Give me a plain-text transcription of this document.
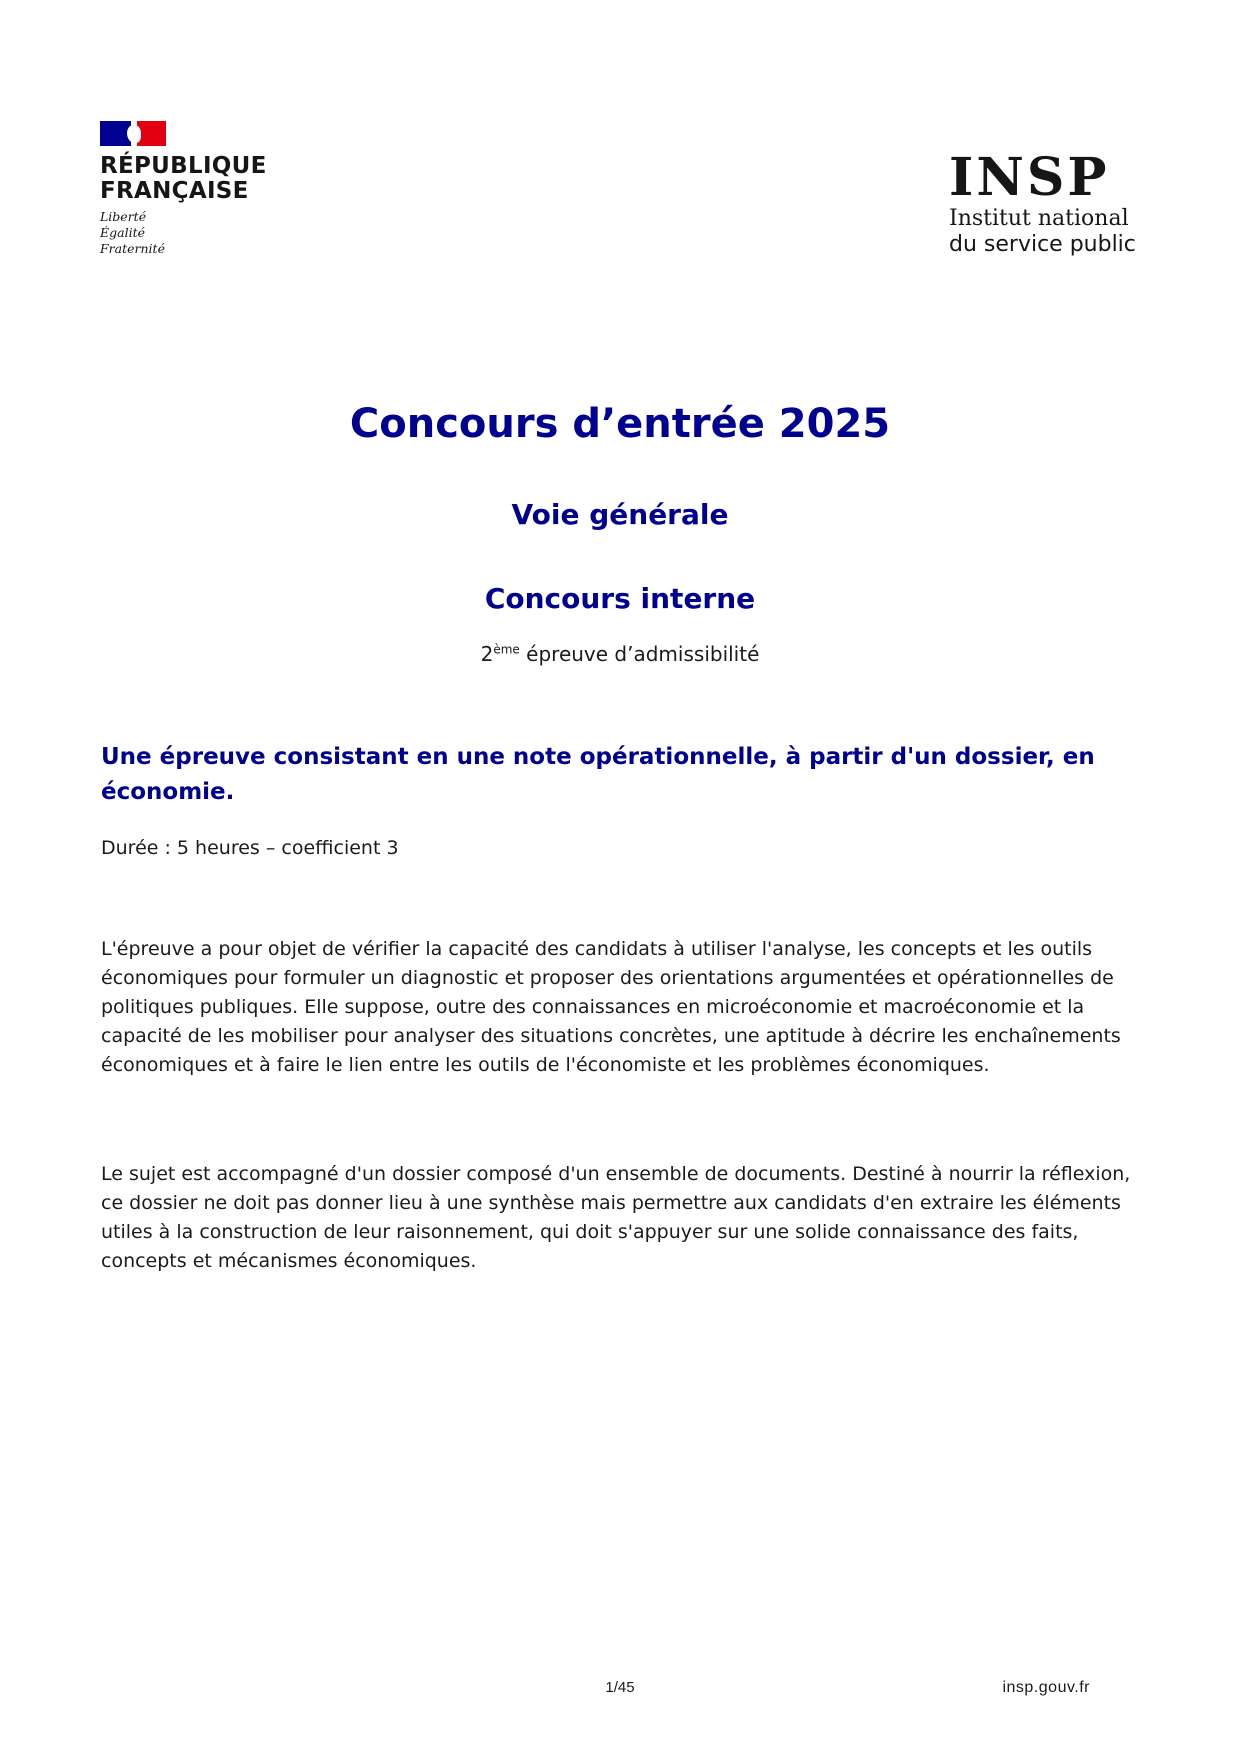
RÉPUBLIQUE
FRANÇAISE
Liberté
Égalité
Fraternité
INSP
Institut national
du service public
Concours d’entrée 2025
Voie générale
Concours interne
2ème épreuve d’admissibilité
Une épreuve consistant en une note opérationnelle, à partir d'un dossier, en économie.
Durée : 5 heures – coefficient 3

L'épreuve a pour objet de vérifier la capacité des candidats à utiliser l'analyse, les concepts et les outils économiques pour formuler un diagnostic et proposer des orientations argumentées et opérationnelles de politiques publiques. Elle suppose, outre des connaissances en microéconomie et macroéconomie et la capacité de les mobiliser pour analyser des situations concrètes, une aptitude à décrire les enchaînements économiques et à faire le lien entre les outils de l'économiste et les problèmes économiques.

Le sujet est accompagné d'un dossier composé d'un ensemble de documents. Destiné à nourrir la réflexion, ce dossier ne doit pas donner lieu à une synthèse mais permettre aux candidats d'en extraire les éléments utiles à la construction de leur raisonnement, qui doit s'appuyer sur une solide connaissance des faits, concepts et mécanismes économiques.

1/45	insp.gouv.fr
